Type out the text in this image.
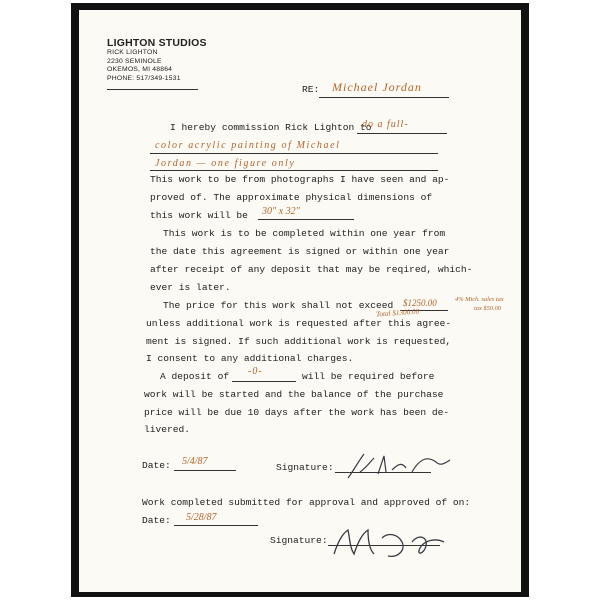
LIGHTON STUDIOS
RICK LIGHTON
2230 SEMINOLE
OKEMOS, MI 48864
PHONE: 517/349-1531
RE: Michael Jordan
I hereby commission Rick Lighton to
do a full-
color acrylic painting of Michael
Jordan — one figure only
This work to be from photographs I have seen and ap-
proved of. The approximate physical dimensions of
this work will be 30" x 32"
This work is to be completed within one year from
the date this agreement is signed or within one year
after receipt of any deposit that may be reqired, which-
ever is later.
The price for this work shall not exceed $1250.00	4% Mich. sales tax
tax $50.00
Total $1300.00
unless additional work is requested after this agree-
ment is signed. If such additional work is requested,
I consent to any additional charges.
A deposit of -0-	will be required before
work will be started and the balance of the purchase
price will be due 10 days after the work has been de-
livered.
Date: 5/4/87
Signature:
Work completed submitted for approval and approved of on:
Date: 5/28/87
Signature:
